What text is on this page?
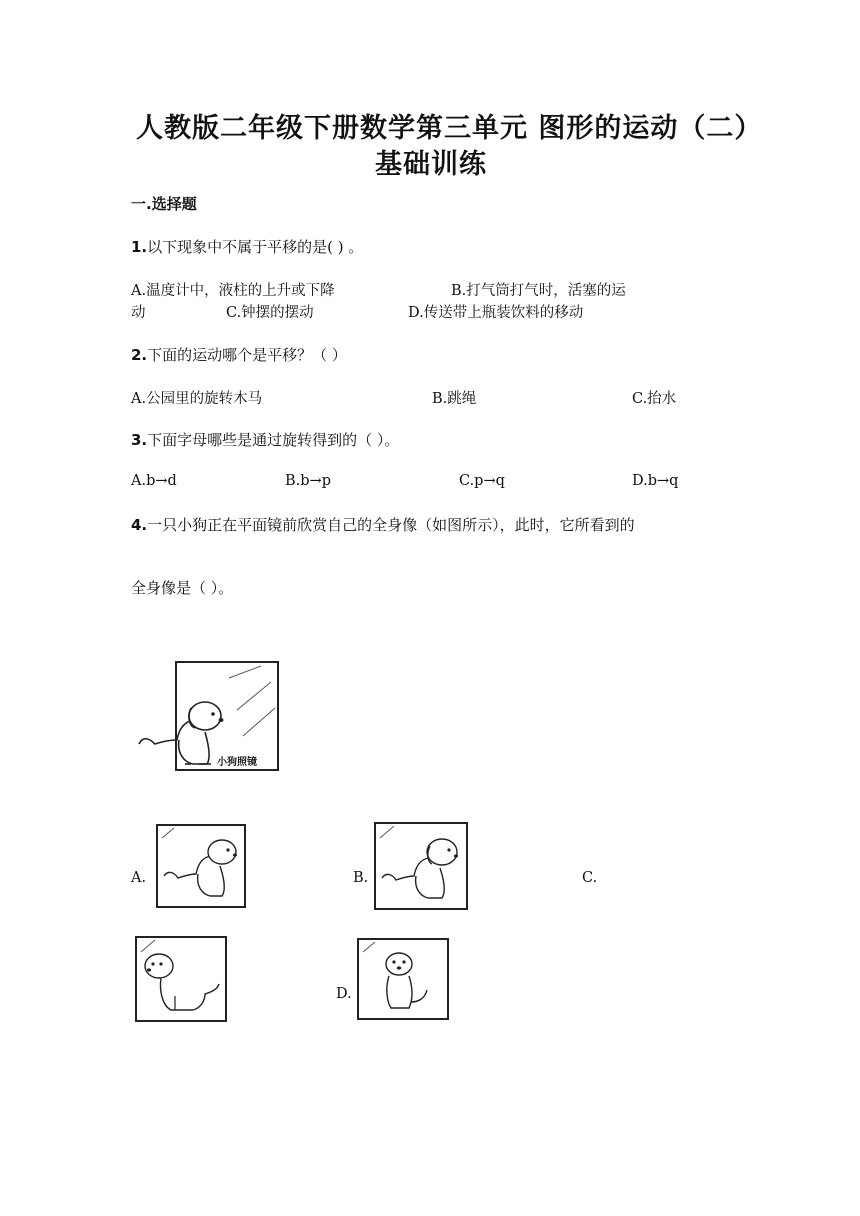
人教版二年级下册数学第三单元 图形的运动（二）
基础训练
一.选择题
1.以下现象中不属于平移的是( ) 。
A.温度计中，液柱的上升或下降	B.打气筒打气时，活塞的运
动	C.钟摆的摆动	D.传送带上瓶装饮料的移动
2.下面的运动哪个是平移？（ ）
A.公园里的旋转木马	B.跳绳	C.抬水
3.下面字母哪些是通过旋转得到的（ ）。
A.b→d	B.b→p	C.p→q	D.b→q
4.一只小狗正在平面镜前欣赏自己的全身像（如图所示），此时，它所看到的
全身像是（ ）。
小狗照镜
A.	B.	C.
D.
